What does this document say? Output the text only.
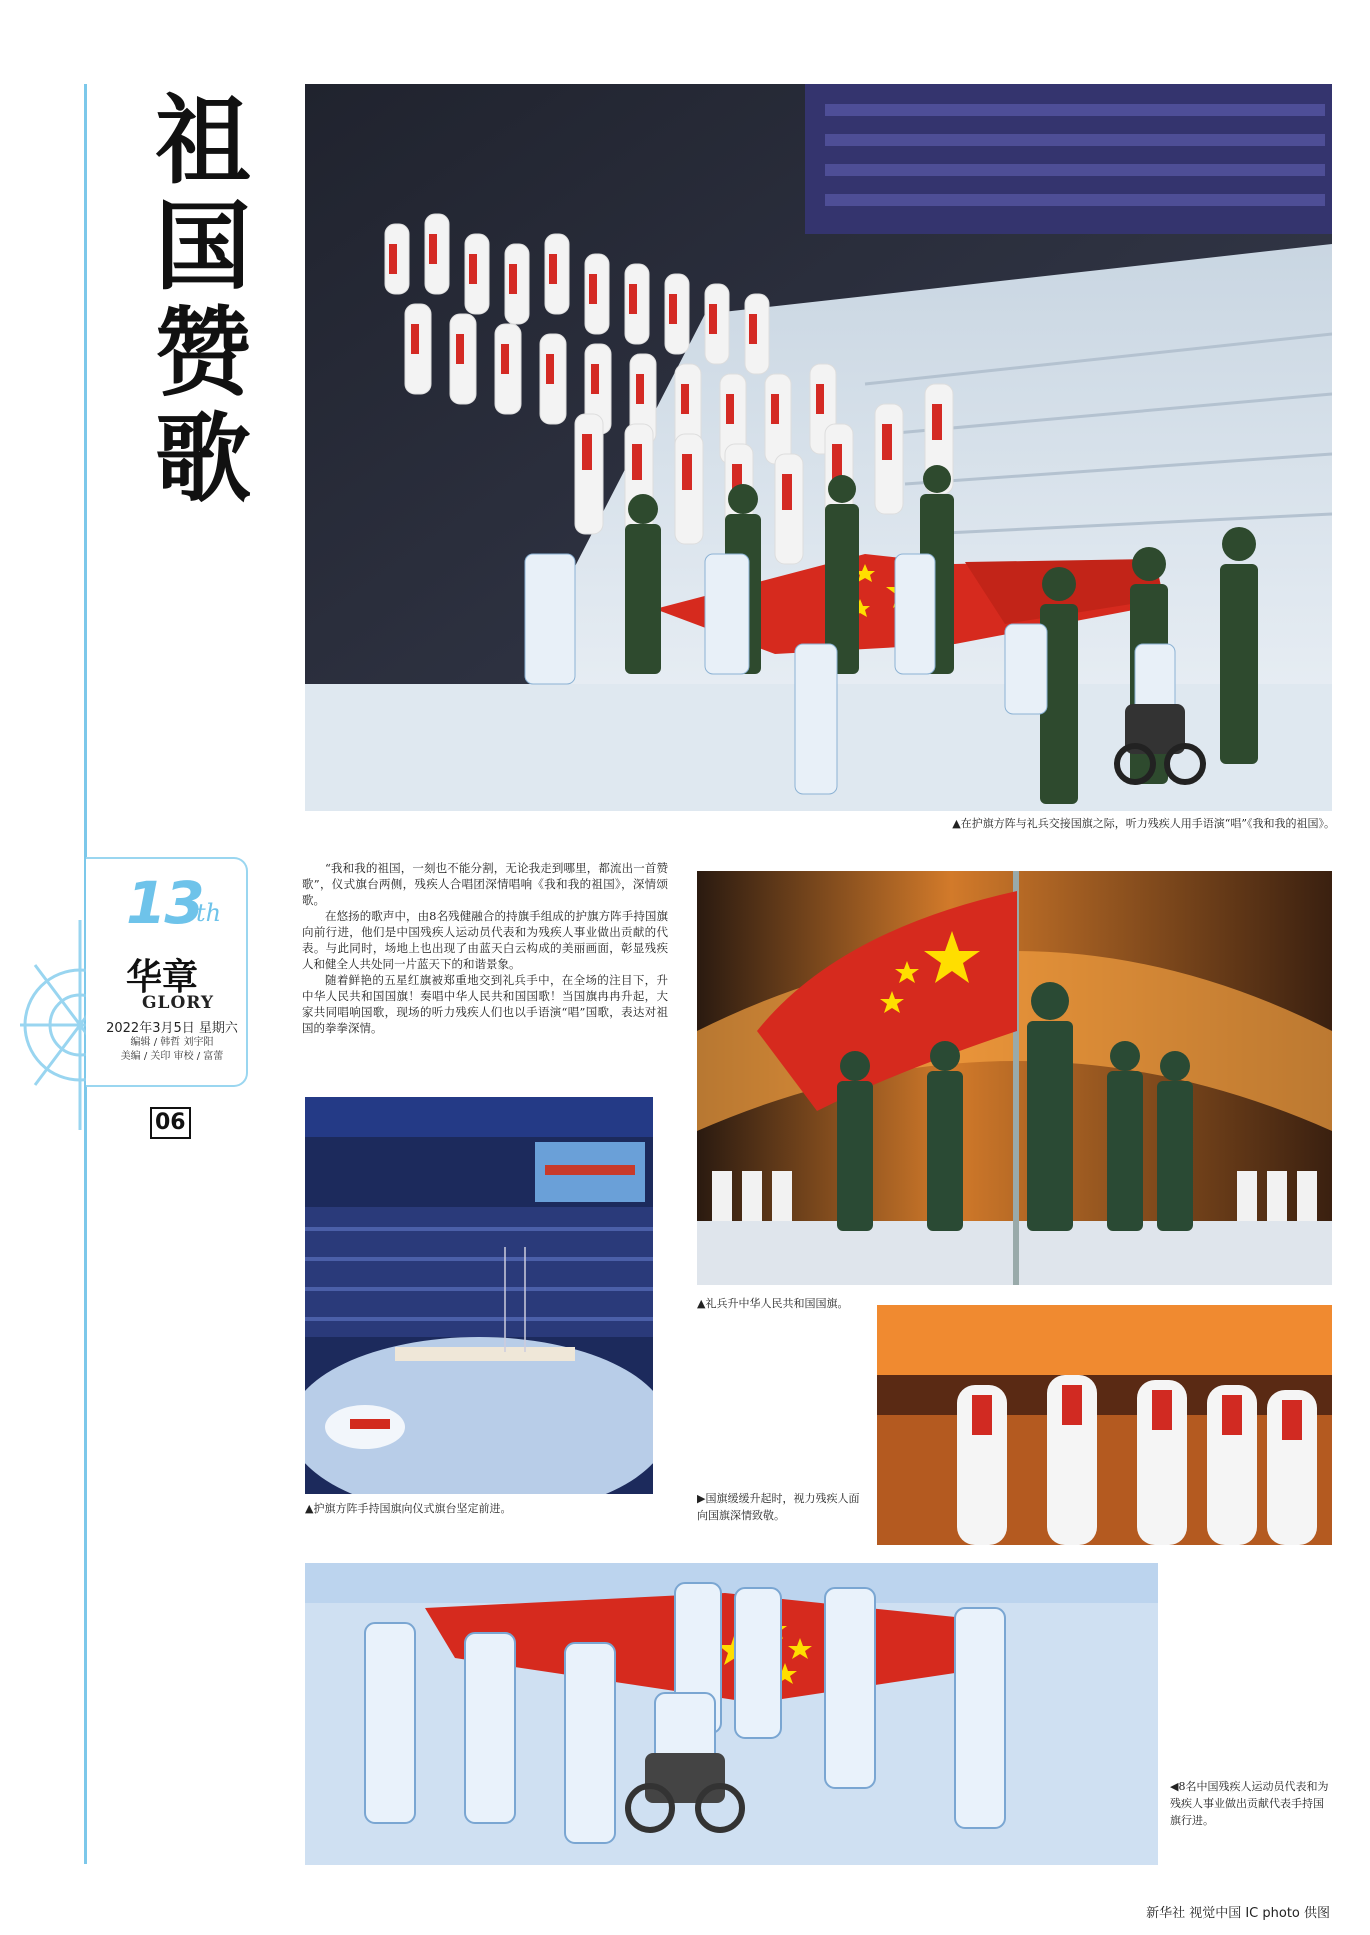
祖
国
赞
歌
▲在护旗方阵与礼兵交接国旗之际，听力残疾人用手语演“唱”《我和我的祖国》。
13
th
华章
GLORY
2022年3月5日 星期六
编辑 / 韩哲 刘宇阳
美编 / 关印 审校 / 富蕾
06

“我和我的祖国，一刻也不能分割，无论我走到哪里，都流出一首赞歌”，仪式旗台两侧，残疾人合唱团深情唱响《我和我的祖国》，深情颂歌。

在悠扬的歌声中，由8名残健融合的持旗手组成的护旗方阵手持国旗向前行进，他们是中国残疾人运动员代表和为残疾人事业做出贡献的代表。与此同时，场地上也出现了由蓝天白云构成的美丽画面，彰显残疾人和健全人共处同一片蓝天下的和谐景象。

随着鲜艳的五星红旗被郑重地交到礼兵手中，在全场的注目下，升中华人民共和国国旗！奏唱中华人民共和国国歌！当国旗冉冉升起，大家共同唱响国歌，现场的听力残疾人们也以手语演“唱”国歌，表达对祖国的拳拳深情。

▲护旗方阵手持国旗向仪式旗台坚定前进。
▲礼兵升中华人民共和国国旗。
▶国旗缓缓升起时，视力残疾人面向国旗深情致敬。
◀8名中国残疾人运动员代表和为残疾人事业做出贡献代表手持国旗行进。
新华社 视觉中国 IC photo 供图
